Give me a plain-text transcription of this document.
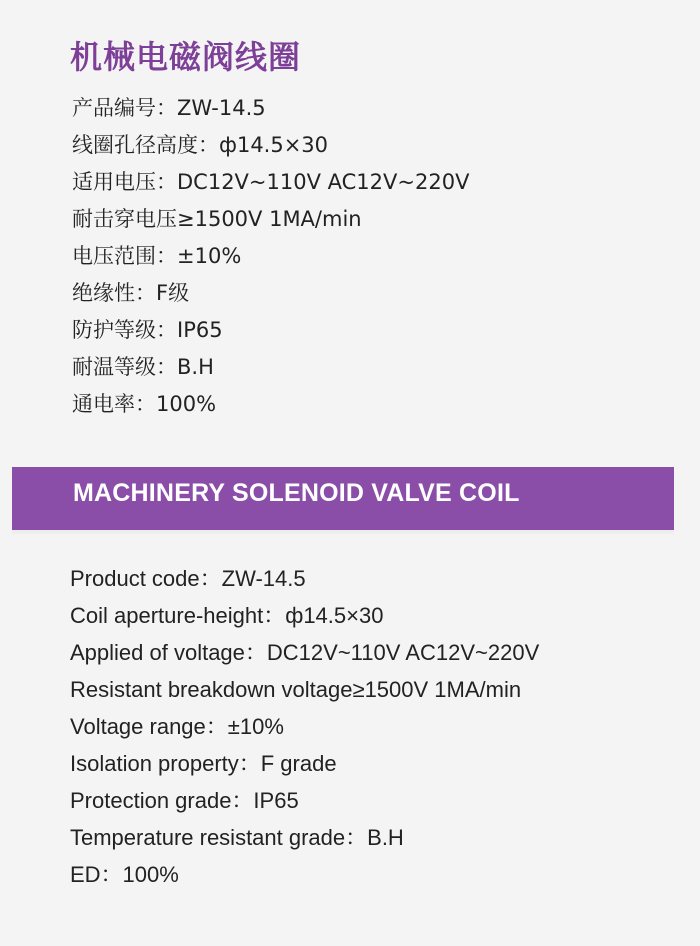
机械电磁阀线圈
产品编号：ZW-14.5
线圈孔径高度：ф14.5×30
适用电压：DC12V~110V AC12V~220V
耐击穿电压≥1500V 1MA/min
电压范围：±10%
绝缘性：F级
防护等级：IP65
耐温等级：B.H
通电率：100%
MACHINERY SOLENOID VALVE COIL
Product code：ZW-14.5
Coil aperture-height：ф14.5×30
Applied of voltage：DC12V~110V AC12V~220V
Resistant breakdown voltage≥1500V 1MA/min
Voltage range：±10%
Isolation property：F grade
Protection grade：IP65
Temperature resistant grade：B.H
ED：100%
